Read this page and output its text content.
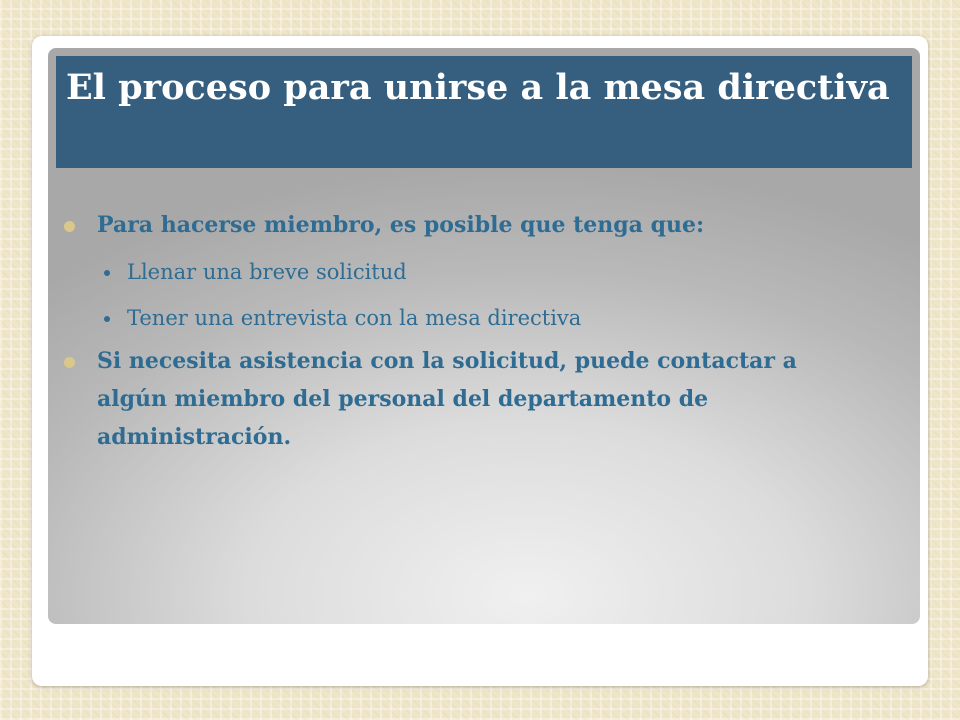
El proceso para unirse a la mesa directiva
Para hacerse miembro, es posible que tenga que:
Llenar una breve solicitud
Tener una entrevista con la mesa directiva
Si necesita asistencia con la solicitud, puede contactar a algún miembro del personal del departamento de administración.
